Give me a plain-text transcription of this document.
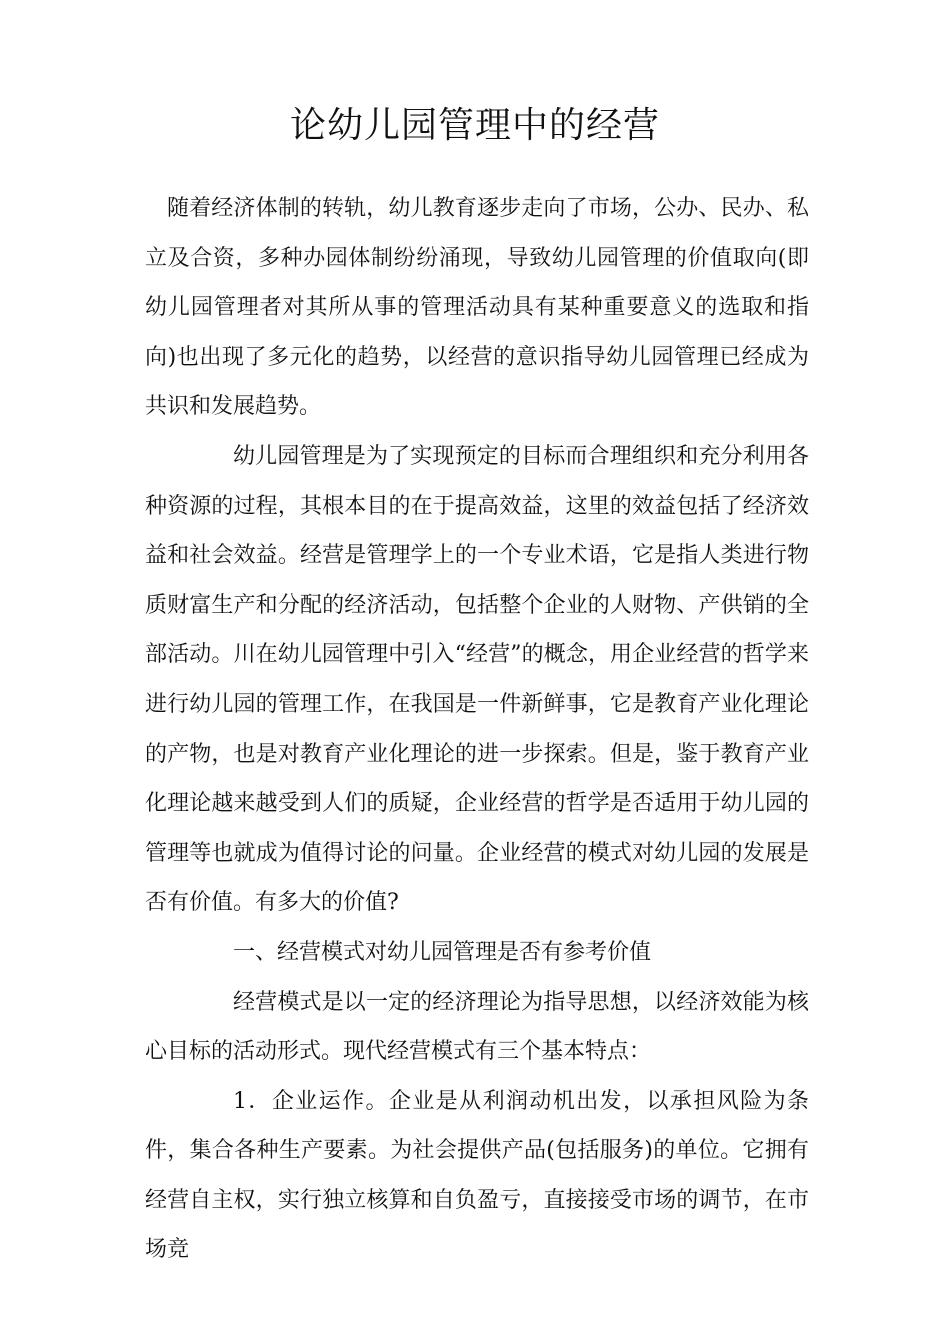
论幼儿园管理中的经营

随着经济体制的转轨，幼儿教育逐步走向了市场，公办、民办、私立及合资，多种办园体制纷纷涌现，导致幼儿园管理的价值取向(即幼儿园管理者对其所从事的管理活动具有某种重要意义的选取和指向)也出现了多元化的趋势，以经营的意识指导幼儿园管理已经成为共识和发展趋势。

幼儿园管理是为了实现预定的目标而合理组织和充分利用各种资源的过程，其根本目的在于提高效益，这里的效益包括了经济效益和社会效益。经营是管理学上的一个专业术语，它是指人类进行物质财富生产和分配的经济活动，包括整个企业的人财物、产供销的全部活动。川在幼儿园管理中引入“经营”的概念，用企业经营的哲学来进行幼儿园的管理工作，在我国是一件新鲜事，它是教育产业化理论的产物，也是对教育产业化理论的进一步探索。但是，鉴于教育产业化理论越来越受到人们的质疑，企业经营的哲学是否适用于幼儿园的管理等也就成为值得讨论的问量。企业经营的模式对幼儿园的发展是否有价值。有多大的价值?

一、经营模式对幼儿园管理是否有参考价值

经营模式是以一定的经济理论为指导思想，以经济效能为核心目标的活动形式。现代经营模式有三个基本特点：

1．企业运作。企业是从利润动机出发，以承担风险为条件，集合各种生产要素。为社会提供产品(包括服务)的单位。它拥有经营自主权，实行独立核算和自负盈亏，直接接受市场的调节，在市场竞
